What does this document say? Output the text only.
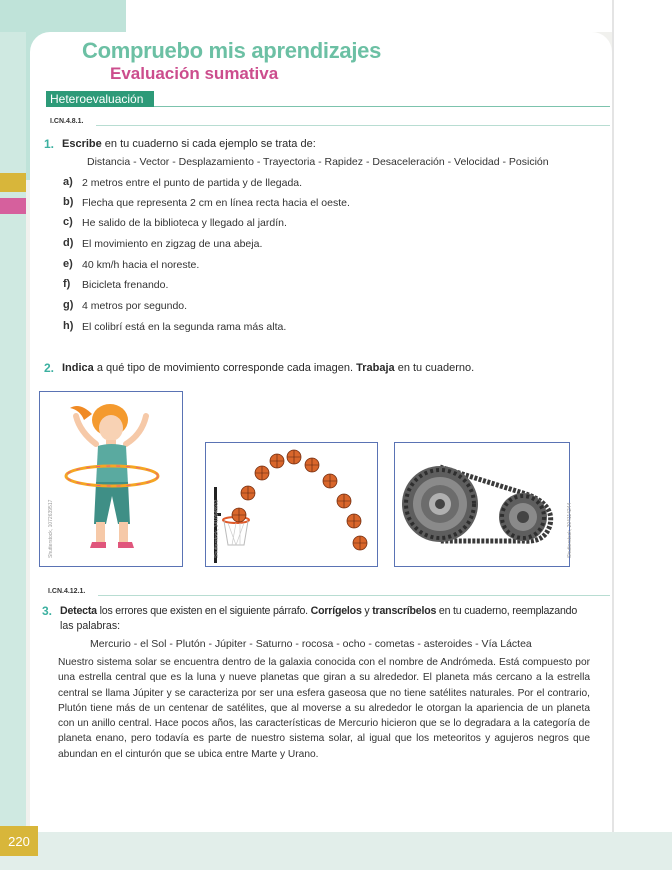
Compruebo mis aprendizajes
Evaluación sumativa
Heteroevaluación
I.CN.4.8.1.
1. Escribe en tu cuaderno si cada ejemplo se trata de:
Distancia - Vector - Desplazamiento - Trayectoria - Rapidez - Desaceleración - Velocidad - Posición
a) 2 metros entre el punto de partida y de llegada.
b) Flecha que representa 2 cm en línea recta hacia el oeste.
c) He salido de la biblioteca y llegado al jardín.
d) El movimiento en zigzag de una abeja.
e) 40 km/h hacia el noreste.
f) Bicicleta frenando.
g) 4 metros por segundo.
h) El colibrí está en la segunda rama más alta.
2. Indica a qué tipo de movimiento corresponde cada imagen. Trabaja en tu cuaderno.
Shutterstock, 1072639517	Shutterstock, 1410948932	Shutterstock, 204114244
I.CN.4.12.1.
3. Detecta los errores que existen en el siguiente párrafo. Corrígelos y transcríbelos en tu cuaderno, reemplazando
las palabras:
Mercurio - el Sol - Plutón - Júpiter - Saturno - rocosa - ocho - cometas - asteroides - Vía Láctea
Nuestro sistema solar se encuentra dentro de la galaxia conocida con el nombre de Andrómeda. Está compuesto por una estrella central que es la luna y nueve planetas que giran a su alrededor. El planeta más cercano a la estrella central se llama Júpiter y se caracteriza por ser una esfera gaseosa que no tiene satélites naturales. Por el contrario, Plutón tiene más de un centenar de satélites, que al moverse a su alrededor le otorgan la apariencia de un planeta con un anillo central. Hace pocos años, las características de Mercurio hicieron que se lo degradara a la categoría de planeta enano, pero todavía es parte de nuestro sistema solar, al igual que los meteoritos y agujeros negros que abundan en el cinturón que se ubica entre Marte y Urano.
220
